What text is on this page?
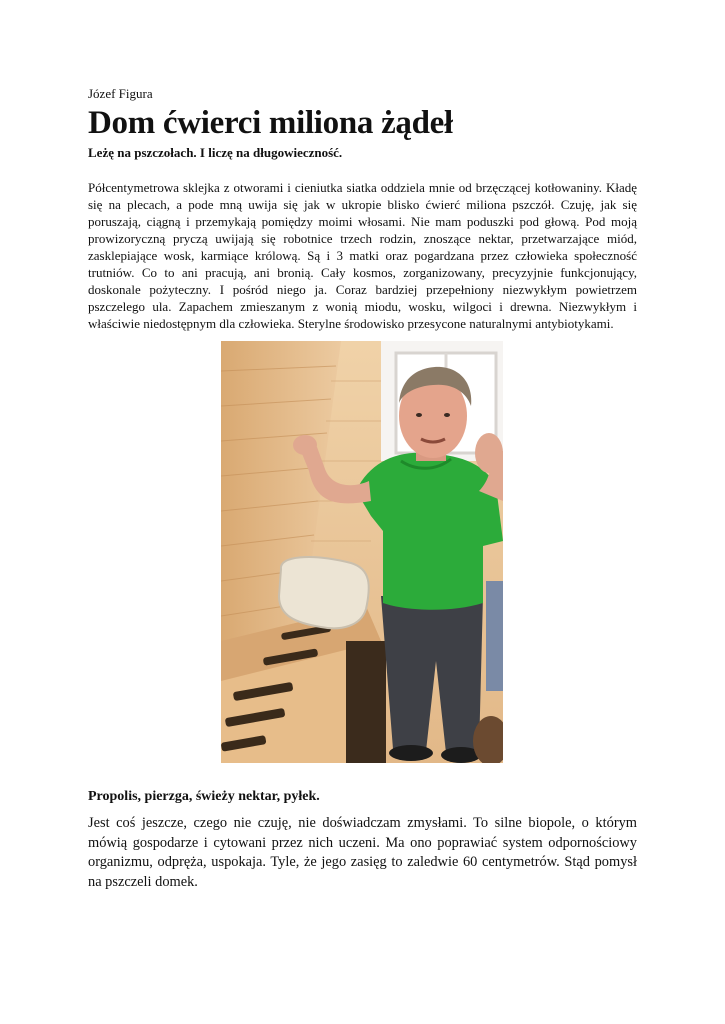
Józef Figura

Dom ćwierci miliona żądeł

Leżę na pszczołach. I liczę na długowieczność.

Półcentymetrowa sklejka z otworami i cieniutka siatka oddziela mnie od brzęczącej kotłowaniny. Kładę się na plecach, a pode mną uwija się jak w ukropie blisko ćwierć miliona pszczół. Czuję, jak się poruszają, ciągną i przemykają pomiędzy moimi włosami. Nie mam poduszki pod głową. Pod moją prowizoryczną pryczą uwijają się robotnice trzech rodzin, znoszące nektar, przetwarzające miód, zasklepiające wosk, karmiące królową. Są i 3 matki oraz pogardzana przez człowieka społeczność trutniów. Co to ani pracują, ani bronią. Cały kosmos, zorganizowany, precyzyjnie funkcjonujący, doskonale pożyteczny. I pośród niego ja. Coraz bardziej przepełniony niezwykłym powietrzem pszczelego ula. Zapachem zmieszanym z wonią miodu, wosku, wilgoci i drewna. Niezwykłym i właściwie niedostępnym dla człowieka. Sterylne środowisko przesycone naturalnymi antybiotykami.

Propolis, pierzga, świeży nektar, pyłek.

Jest coś jeszcze, czego nie czuję, nie doświadczam zmysłami. To silne biopole, o którym mówią gospodarze i cytowani przez nich uczeni. Ma ono poprawiać system odpornościowy organizmu, odpręża, uspokaja. Tyle, że jego zasięg to zaledwie 60 centymetrów. Stąd pomysł na pszczeli domek.
